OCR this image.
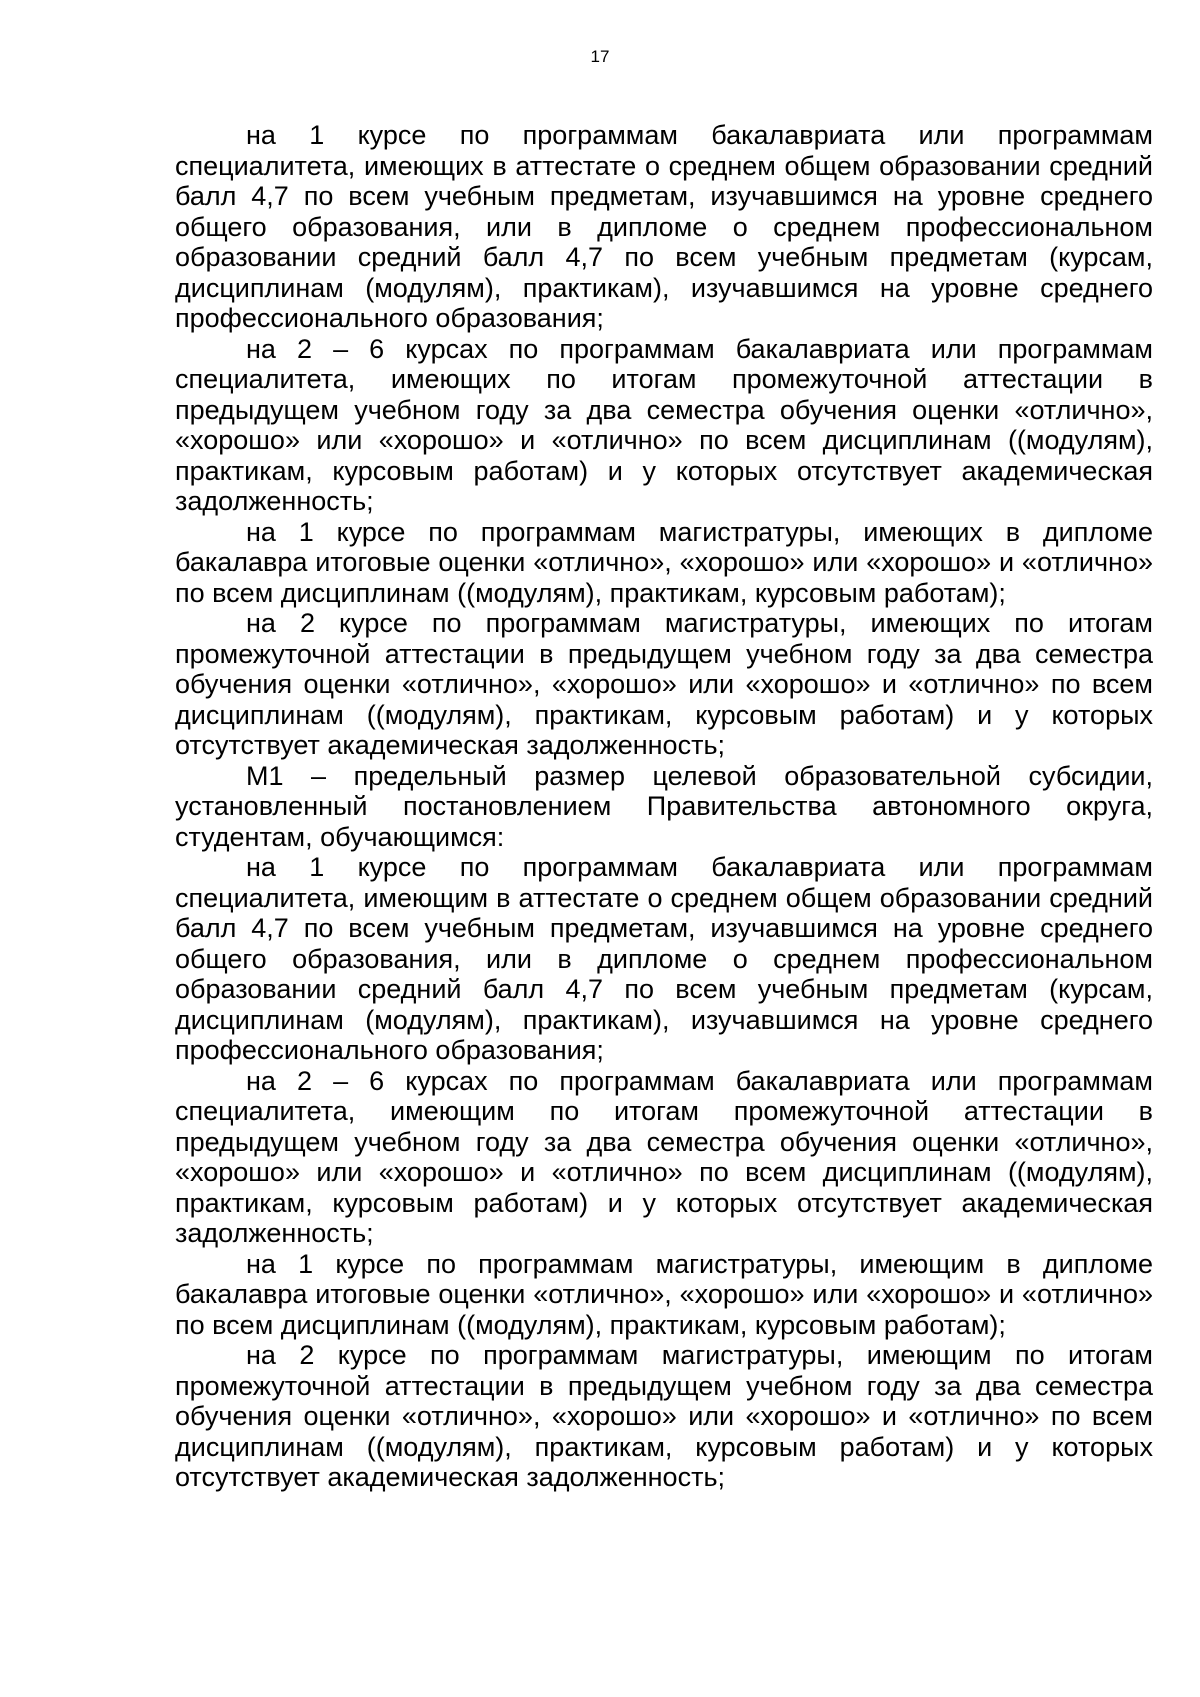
17

на 1 курсе по программам бакалавриата или программам специалитета, имеющих в аттестате о среднем общем образовании средний балл 4,7 по всем учебным предметам, изучавшимся на уровне среднего общего образования, или в дипломе о среднем профессиональном образовании средний балл 4,7 по всем учебным предметам (курсам, дисциплинам (модулям), практикам), изучавшимся на уровне среднего профессионального образования;

на 2 – 6 курсах по программам бакалавриата или программам специалитета, имеющих по итогам промежуточной аттестации в предыдущем учебном году за два семестра обучения оценки «отлично», «хорошо» или «хорошо» и «отлично» по всем дисциплинам ((модулям), практикам, курсовым работам) и у которых отсутствует академическая задолженность;

на 1 курсе по программам магистратуры, имеющих в дипломе бакалавра итоговые оценки «отлично», «хорошо» или «хорошо» и «отлично» по всем дисциплинам ((модулям), практикам, курсовым работам);

на 2 курсе по программам магистратуры, имеющих по итогам промежуточной аттестации в предыдущем учебном году за два семестра обучения оценки «отлично», «хорошо» или «хорошо» и «отлично» по всем дисциплинам ((модулям), практикам, курсовым работам) и у которых отсутствует академическая задолженность;

M1 – предельный размер целевой образовательной субсидии, установленный постановлением Правительства автономного округа, студентам, обучающимся:

на 1 курсе по программам бакалавриата или программам специалитета, имеющим в аттестате о среднем общем образовании средний балл 4,7 по всем учебным предметам, изучавшимся на уровне среднего общего образования, или в дипломе о среднем профессиональном образовании средний балл 4,7 по всем учебным предметам (курсам, дисциплинам (модулям), практикам), изучавшимся на уровне среднего профессионального образования;

на 2 – 6 курсах по программам бакалавриата или программам специалитета, имеющим по итогам промежуточной аттестации в предыдущем учебном году за два семестра обучения оценки «отлично», «хорошо» или «хорошо» и «отлично» по всем дисциплинам ((модулям), практикам, курсовым работам) и у которых отсутствует академическая задолженность;

на 1 курсе по программам магистратуры, имеющим в дипломе бакалавра итоговые оценки «отлично», «хорошо» или «хорошо» и «отлично» по всем дисциплинам ((модулям), практикам, курсовым работам);

на 2 курсе по программам магистратуры, имеющим по итогам промежуточной аттестации в предыдущем учебном году за два семестра обучения оценки «отлично», «хорошо» или «хорошо» и «отлично» по всем дисциплинам ((модулям), практикам, курсовым работам) и у которых отсутствует академическая задолженность;
